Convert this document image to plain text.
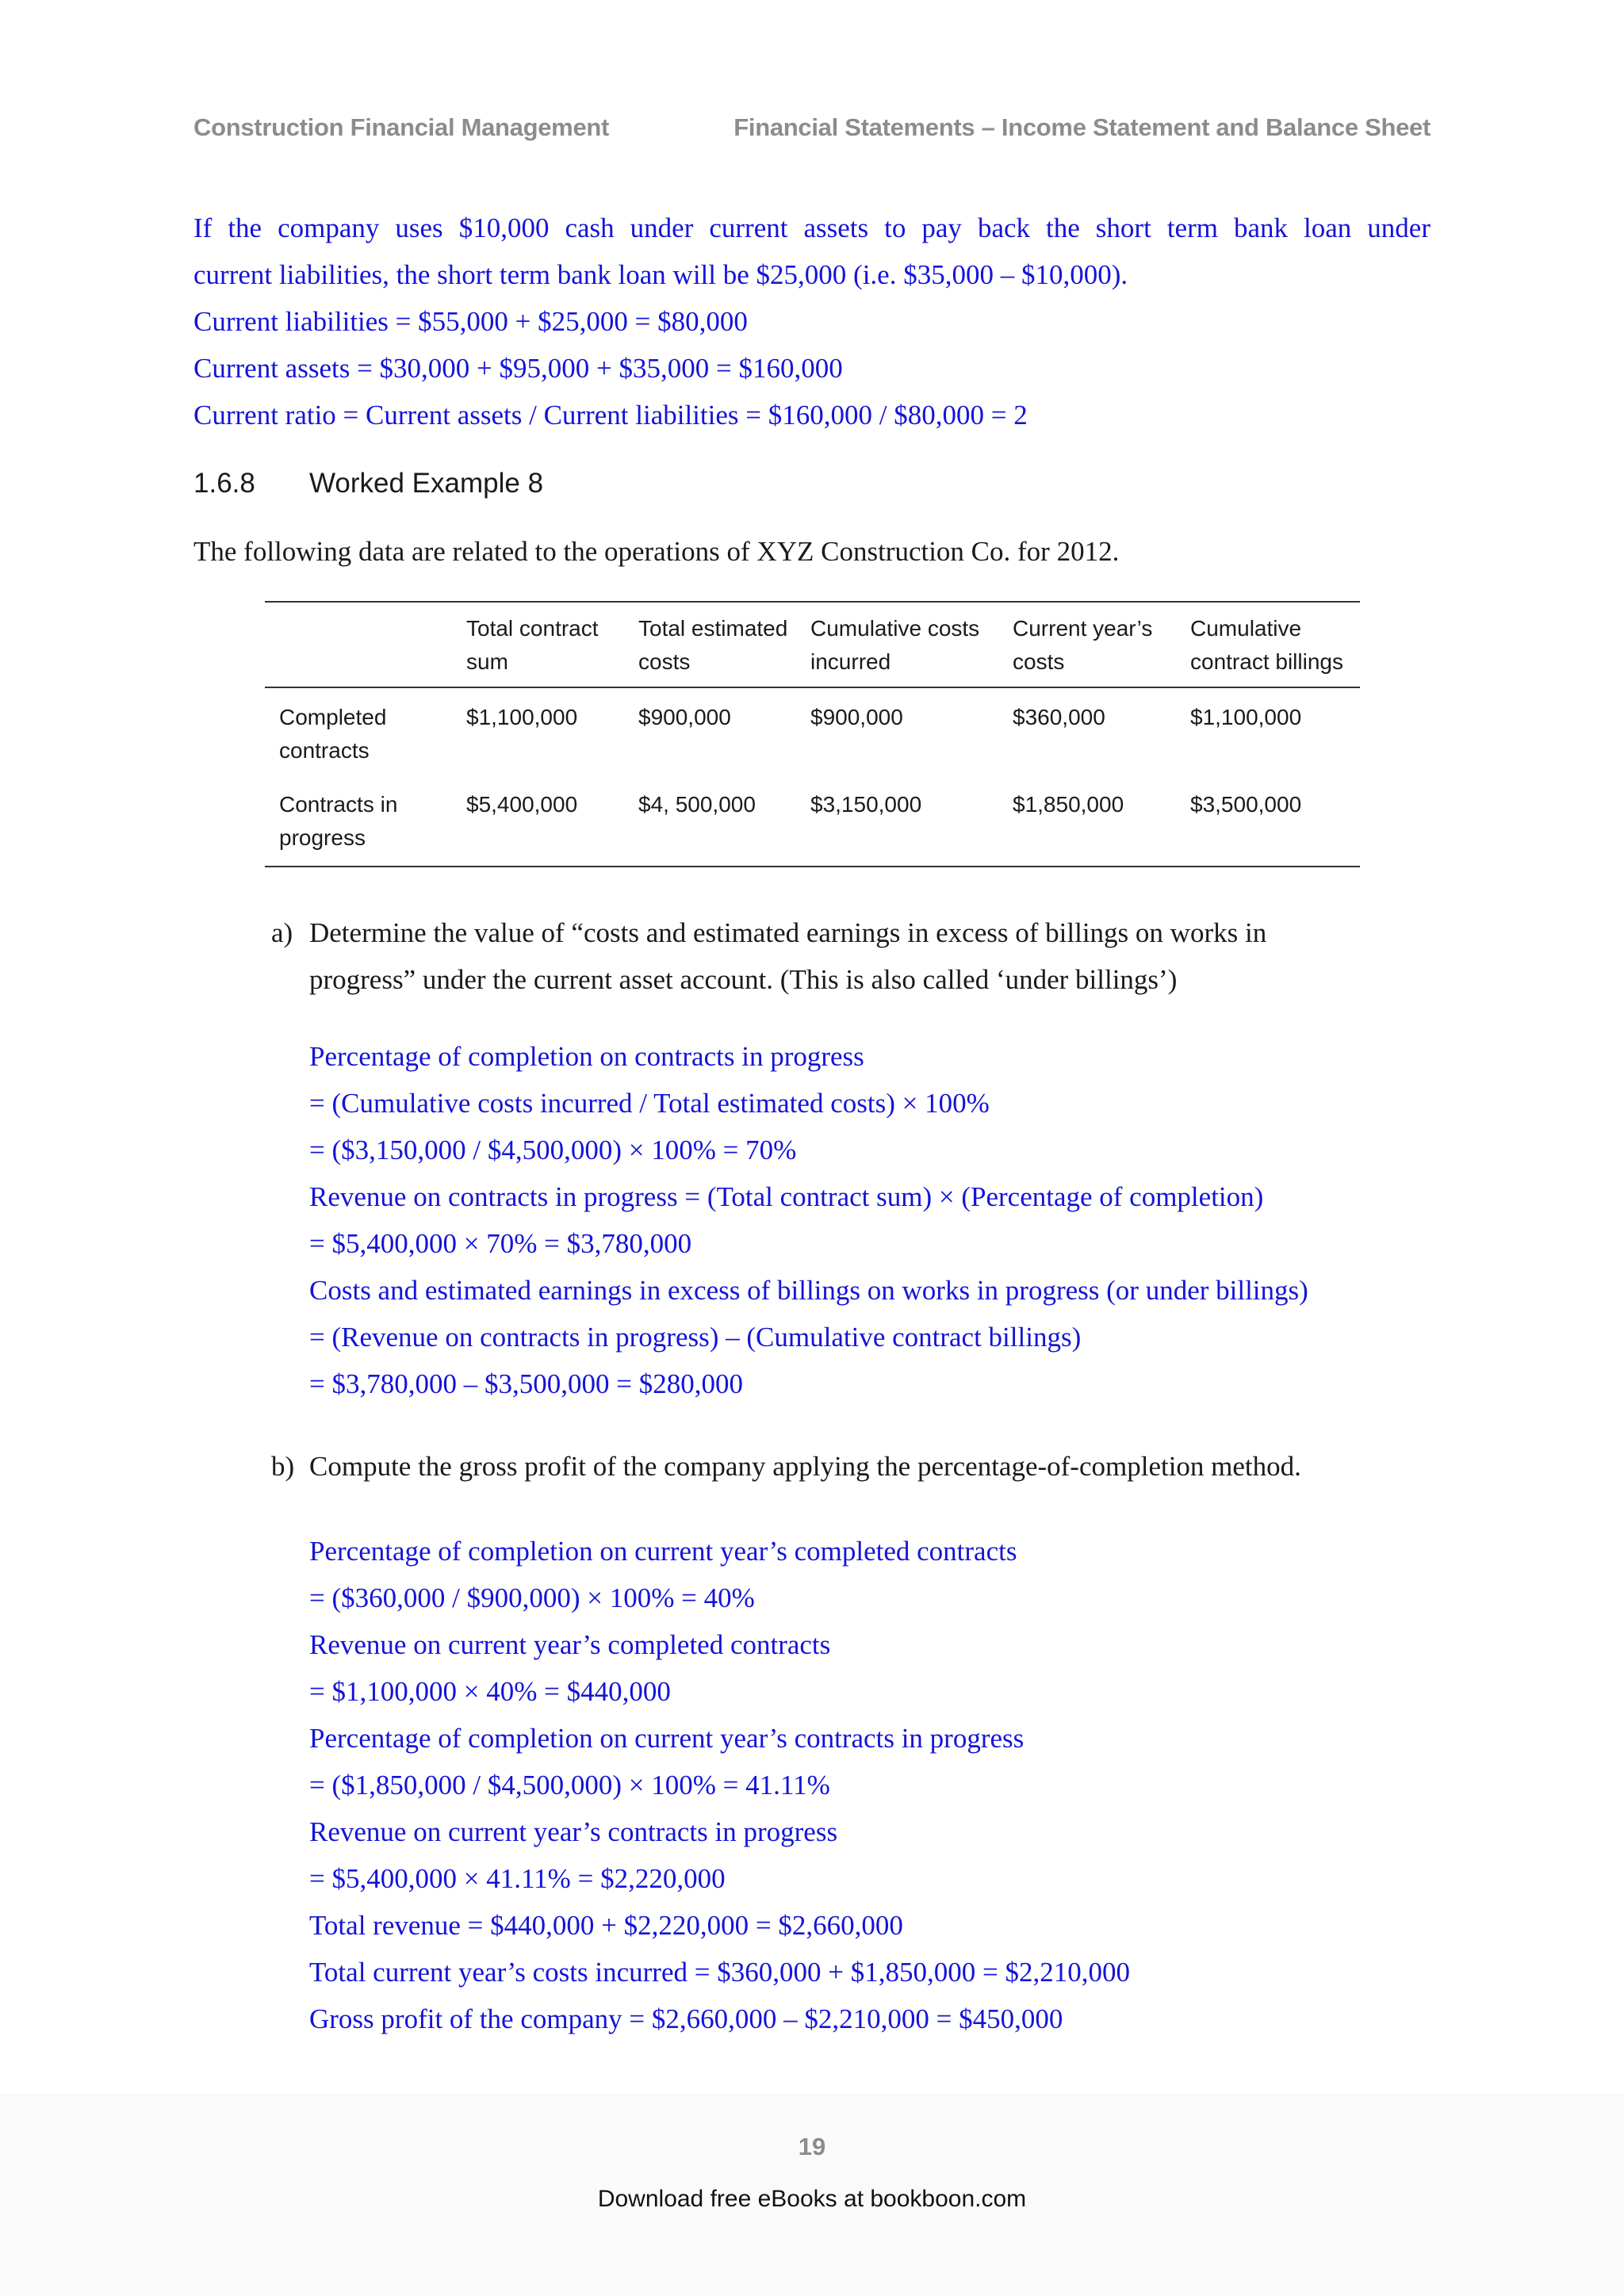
Construction Financial Management	Financial Statements – Income Statement and Balance Sheet

If the company uses $10,000 cash under current assets to pay back the short term bank loan under

current liabilities, the short term bank loan will be $25,000 (i.e. $35,000 – $10,000).

Current liabilities = $55,000 + $25,000 = $80,000

Current assets = $30,000 + $95,000 + $35,000 = $160,000

Current ratio = Current assets / Current liabilities = $160,000 / $80,000 = 2

1.6.8 Worked Example 8

The following data are related to the operations of XYZ Construction Co. for 2012.

	Total contract sum	Total estimated costs	Cumulative costs incurred	Current year’s costs	Cumulative contract billings
Completed contracts	$1,100,000	$900,000	$900,000	$360,000	$1,100,000
Contracts in progress	$5,400,000	$4, 500,000	$3,150,000	$1,850,000	$3,500,000
a) Determine the value of “costs and estimated earnings in excess of billings on works in

progress” under the current asset account. (This is also called ‘under billings’)

Percentage of completion on contracts in progress

= (Cumulative costs incurred / Total estimated costs) × 100%

= ($3,150,000 / $4,500,000) × 100% = 70%

Revenue on contracts in progress = (Total contract sum) × (Percentage of completion)

= $5,400,000 × 70% = $3,780,000

Costs and estimated earnings in excess of billings on works in progress (or under billings)

= (Revenue on contracts in progress) – (Cumulative contract billings)

= $3,780,000 – $3,500,000 = $280,000

b) Compute the gross profit of the company applying the percentage-of-completion method.

Percentage of completion on current year’s completed contracts

= ($360,000 / $900,000) × 100% = 40%

Revenue on current year’s completed contracts

= $1,100,000 × 40% = $440,000

Percentage of completion on current year’s contracts in progress

= ($1,850,000 / $4,500,000) × 100% = 41.11%

Revenue on current year’s contracts in progress

= $5,400,000 × 41.11% = $2,220,000

Total revenue = $440,000 + $2,220,000 = $2,660,000

Total current year’s costs incurred = $360,000 + $1,850,000 = $2,210,000

Gross profit of the company = $2,660,000 – $2,210,000 = $450,000

19
Download free eBooks at bookboon.com
